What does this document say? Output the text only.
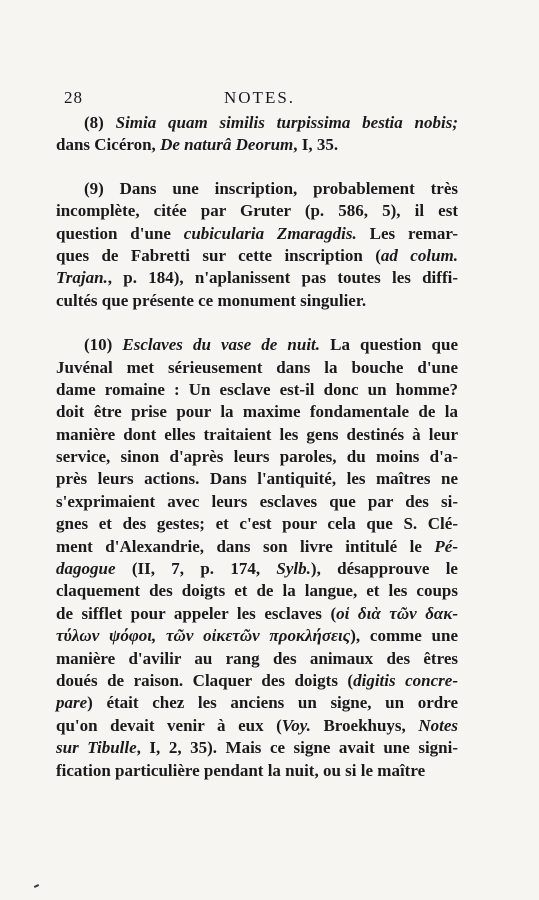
28	NOTES.
(8) Simia quam similis turpissima bestia nobis;
dans Cicéron, De naturâ Deorum, I, 35.
(9) Dans une inscription, probablement très
incomplète, citée par Gruter (p. 586, 5), il est
question d'une cubicularia Zmaragdis. Les remar-
ques de Fabretti sur cette inscription (ad colum.
Trajan., p. 184), n'aplanissent pas toutes les diffi-
cultés que présente ce monument singulier.
(10) Esclaves du vase de nuit. La question que
Juvénal met sérieusement dans la bouche d'une
dame romaine : Un esclave est-il donc un homme?
doit être prise pour la maxime fondamentale de la
manière dont elles traitaient les gens destinés à leur
service, sinon d'après leurs paroles, du moins d'a-
près leurs actions. Dans l'antiquité, les maîtres ne
s'exprimaient avec leurs esclaves que par des si-
gnes et des gestes; et c'est pour cela que S. Clé-
ment d'Alexandrie, dans son livre intitulé le Pé-
dagogue (II, 7, p. 174, Sylb.), désapprouve le
claquement des doigts et de la langue, et les coups
de sifflet pour appeler les esclaves (οἱ διὰ τῶν δακ-
τύλων ψόφοι, τῶν οἰκετῶν προκλήσεις), comme une
manière d'avilir au rang des animaux des êtres
doués de raison. Claquer des doigts (digitis concre-
pare) était chez les anciens un signe, un ordre
qu'on devait venir à eux (Voy. Broekhuys, Notes
sur Tibulle, I, 2, 35). Mais ce signe avait une signi-
fication particulière pendant la nuit, ou si le maître
